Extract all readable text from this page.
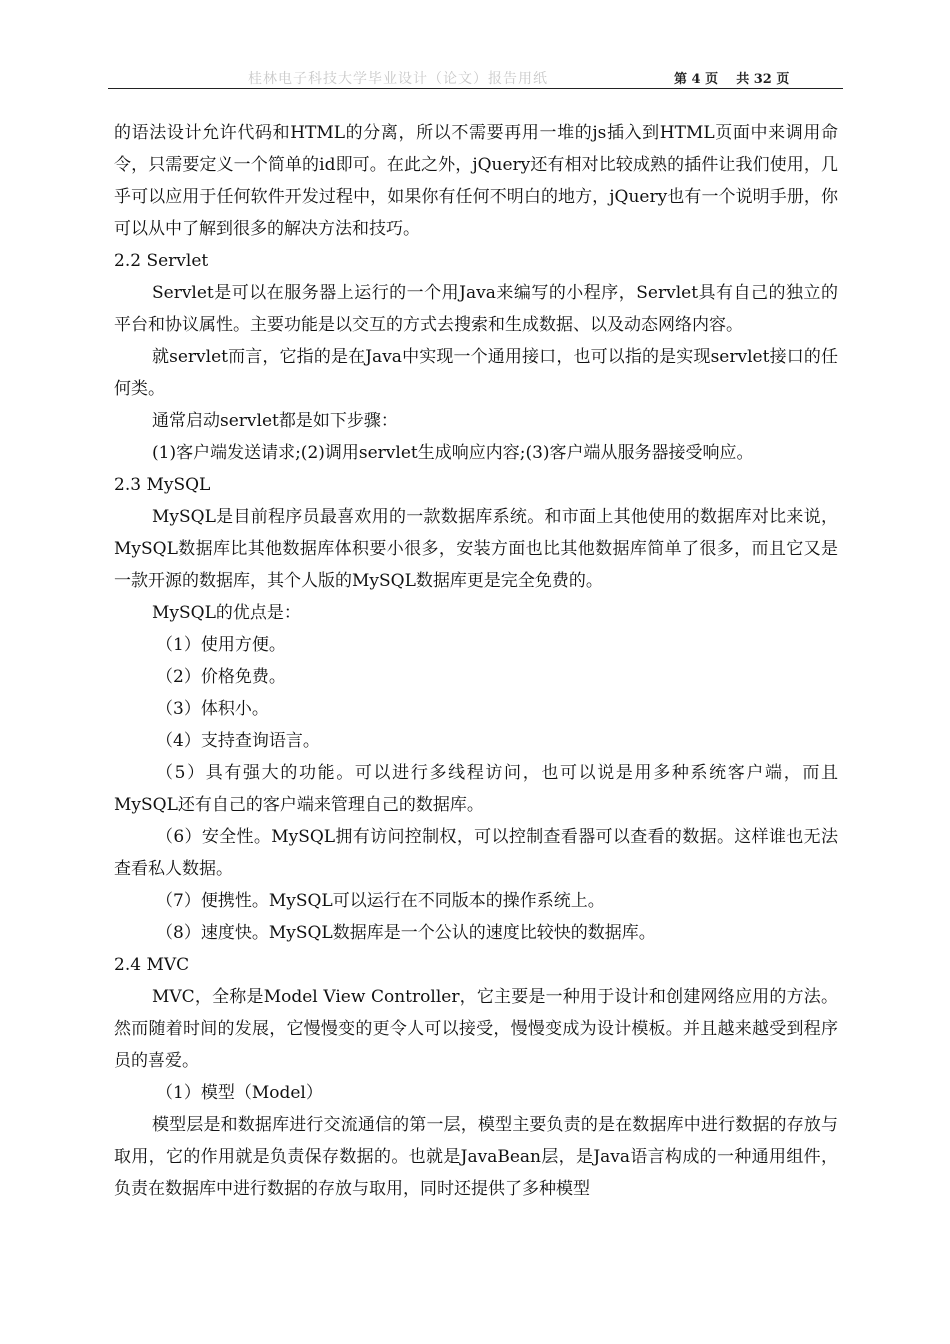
桂林电子科技大学毕业设计（论文）报告用纸	第 4 页    共 32 页

的语法设计允许代码和HTML的分离，所以不需要再用一堆的js插入到HTML页面中来调用命令，只需要定义一个简单的id即可。在此之外，jQuery还有相对比较成熟的插件让我们使用，几乎可以应用于任何软件开发过程中，如果你有任何不明白的地方，jQuery也有一个说明手册，你可以从中了解到很多的解决方法和技巧。

2.2 Servlet

Servlet是可以在服务器上运行的一个用Java来编写的小程序，Servlet具有自己的独立的平台和协议属性。主要功能是以交互的方式去搜索和生成数据、以及动态网络内容。

就servlet而言，它指的是在Java中实现一个通用接口，也可以指的是实现servlet接口的任何类。

通常启动servlet都是如下步骤：

(1)客户端发送请求;(2)调用servlet生成响应内容;(3)客户端从服务器接受响应。

2.3 MySQL

MySQL是目前程序员最喜欢用的一款数据库系统。和市面上其他使用的数据库对比来说，MySQL数据库比其他数据库体积要小很多，安装方面也比其他数据库简单了很多，而且它又是一款开源的数据库，其个人版的MySQL数据库更是完全免费的。

MySQL的优点是：

（1）使用方便。

（2）价格免费。

（3）体积小。

（4）支持查询语言。

（5）具有强大的功能。可以进行多线程访问，也可以说是用多种系统客户端，而且MySQL还有自己的客户端来管理自己的数据库。

（6）安全性。MySQL拥有访问控制权，可以控制查看器可以查看的数据。这样谁也无法查看私人数据。

（7）便携性。MySQL可以运行在不同版本的操作系统上。

（8）速度快。MySQL数据库是一个公认的速度比较快的数据库。

2.4 MVC

MVC，全称是Model View Controller，它主要是一种用于设计和创建网络应用的方法。然而随着时间的发展，它慢慢变的更令人可以接受，慢慢变成为设计模板。并且越来越受到程序员的喜爱。

（1）模型（Model）

模型层是和数据库进行交流通信的第一层，模型主要负责的是在数据库中进行数据的存放与取用，它的作用就是负责保存数据的。也就是JavaBean层，是Java语言构成的一种通用组件，负责在数据库中进行数据的存放与取用，同时还提供了多种模型
